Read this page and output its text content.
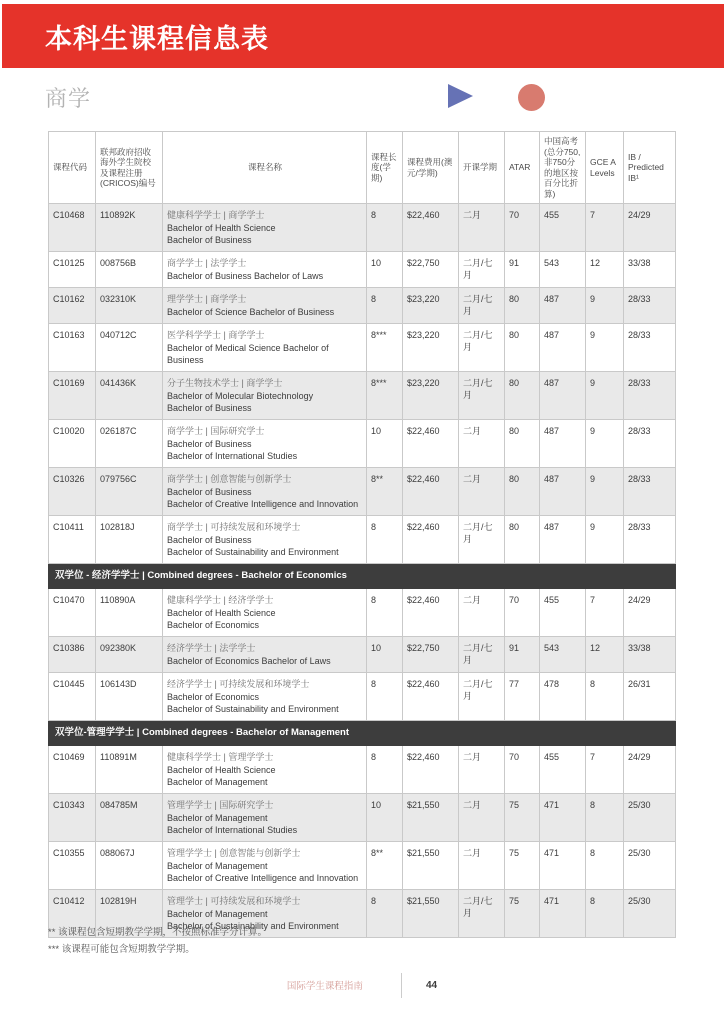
本科生课程信息表
商学
课程代码	联邦政府招收海外学生院校及课程注册(CRICOS)编号	课程名称	课程长度(学期)	课程费用(澳元/学期)	开课学期	ATAR	中国高考(总分750,非750分的地区按百分比折算)	GCE A Levels	IB / Predicted IB¹
C10468	110892K	健康科学学士 | 商学学士
Bachelor of Health Science
Bachelor of Business	8	$22,460	二月	70	455	7	24/29
C10125	008756B	商学学士 | 法学学士
Bachelor of Business Bachelor of Laws	10	$22,750	二月/七月	91	543	12	33/38
C10162	032310K	理学学士 | 商学学士
Bachelor of Science Bachelor of Business	8	$23,220	二月/七月	80	487	9	28/33
C10163	040712C	医学科学学士 | 商学学士
Bachelor of Medical Science Bachelor of Business	8***	$23,220	二月/七月	80	487	9	28/33
C10169	041436K	分子生物技术学士 | 商学学士
Bachelor of Molecular Biotechnology
Bachelor of Business	8***	$23,220	二月/七月	80	487	9	28/33
C10020	026187C	商学学士 | 国际研究学士
Bachelor of Business
Bachelor of International Studies	10	$22,460	二月	80	487	9	28/33
C10326	079756C	商学学士 | 创意智能与创新学士
Bachelor of Business
Bachelor of Creative Intelligence and Innovation	8**	$22,460	二月	80	487	9	28/33
C10411	102818J	商学学士 | 可持续发展和环境学士
Bachelor of Business
Bachelor of Sustainability and Environment	8	$22,460	二月/七月	80	487	9	28/33
双学位 - 经济学学士 | Combined degrees - Bachelor of Economics									
C10470	110890A	健康科学学士 | 经济学学士
Bachelor of Health Science
Bachelor of Economics	8	$22,460	二月	70	455	7	24/29
C10386	092380K	经济学学士 | 法学学士
Bachelor of Economics Bachelor of Laws	10	$22,750	二月/七月	91	543	12	33/38
C10445	106143D	经济学学士 | 可持续发展和环境学士
Bachelor of Economics
Bachelor of Sustainability and Environment	8	$22,460	二月/七月	77	478	8	26/31
双学位-管理学学士 | Combined degrees - Bachelor of Management									
C10469	110891M	健康科学学士 | 管理学学士
Bachelor of Health Science
Bachelor of Management	8	$22,460	二月	70	455	7	24/29
C10343	084785M	管理学学士 | 国际研究学士
Bachelor of Management
Bachelor of International Studies	10	$21,550	二月	75	471	8	25/30
C10355	088067J	管理学学士 | 创意智能与创新学士
Bachelor of Management
Bachelor of Creative Intelligence and Innovation	8**	$21,550	二月	75	471	8	25/30
C10412	102819H	管理学士 | 可持续发展和环境学士
Bachelor of Management
Bachelor of Sustainability and Environment	8	$21,550	二月/七月	75	471	8	25/30
** 该课程包含短期教学学期，不按照标准学分计算。
*** 该课程可能包含短期教学学期。
国际学生课程指南	44
